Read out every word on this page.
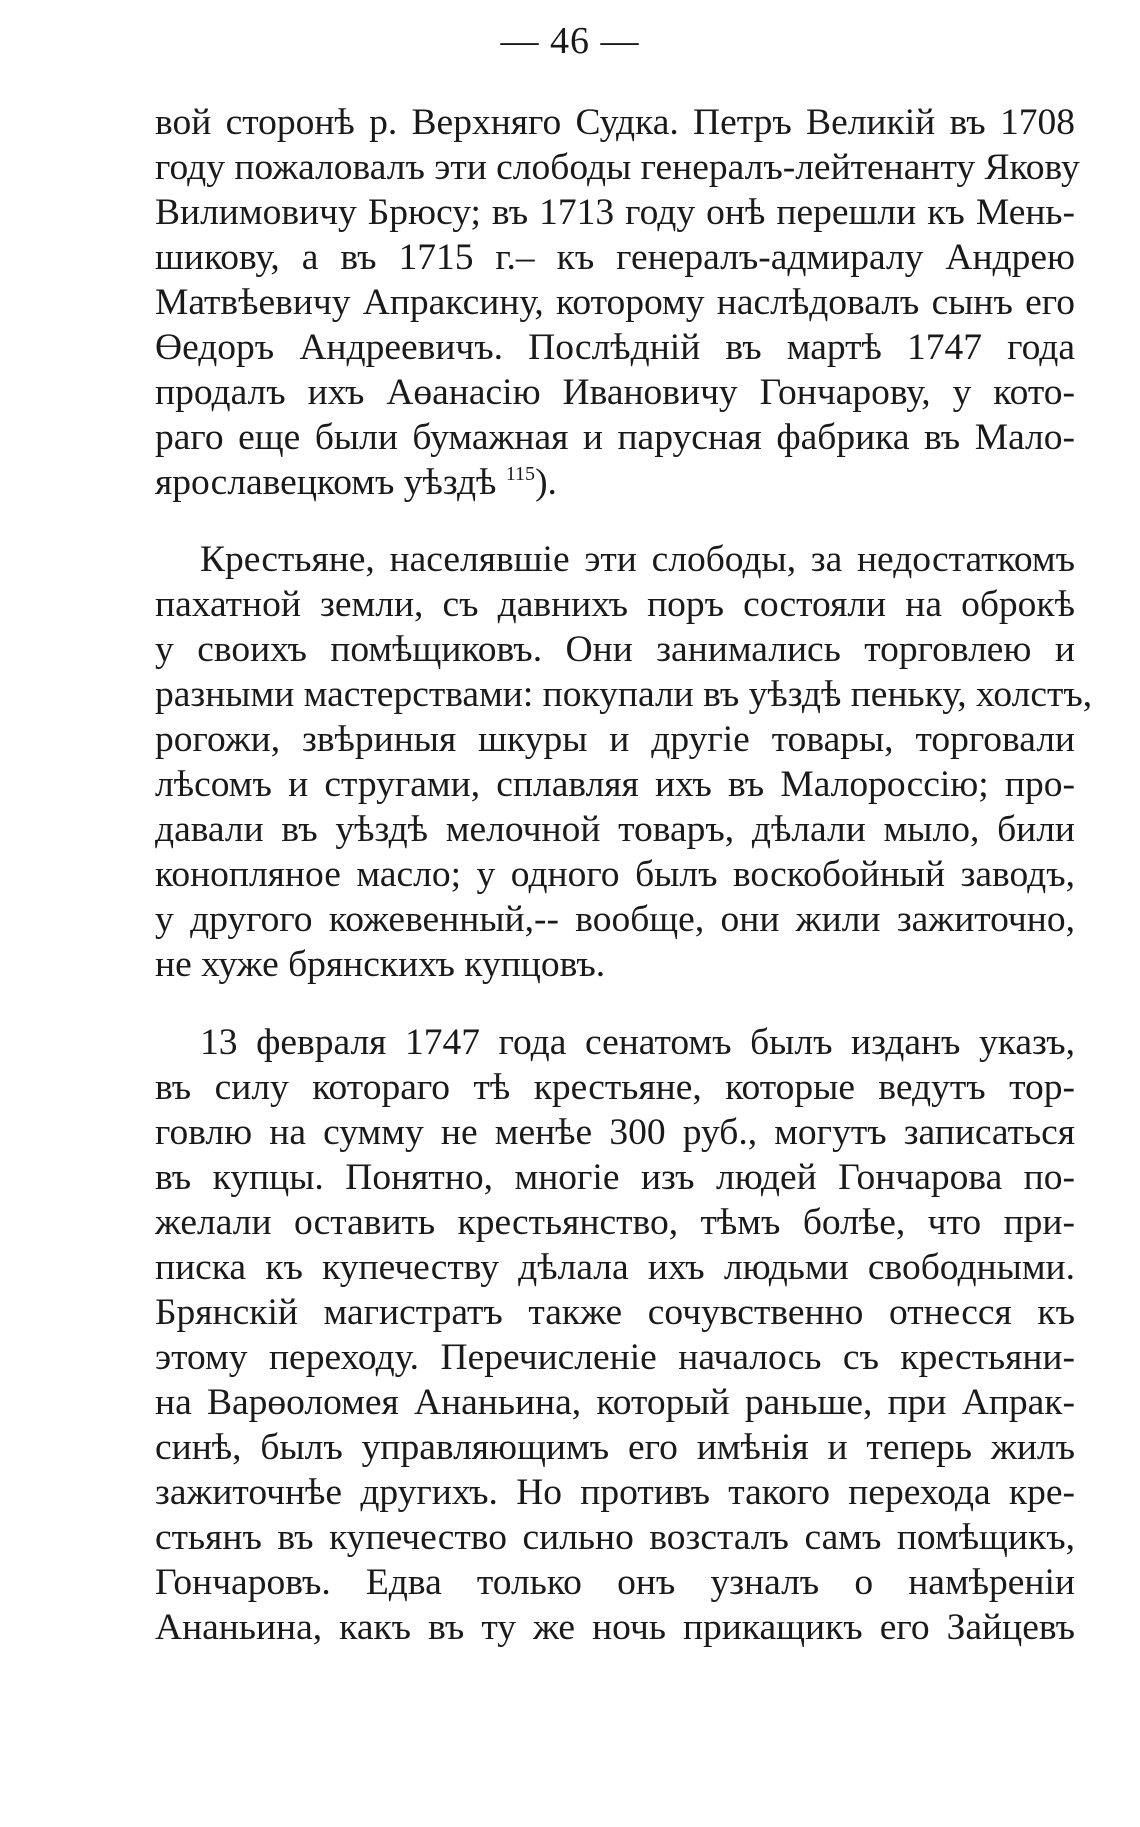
— 46 —
вой сторонѣ р. Верхняго Судка. Петръ Великій въ 1708
году пожаловалъ эти слободы генералъ-лейтенанту Якову
Вилимовичу Брюсу; въ 1713 году онѣ перешли къ Мень-
шикову, а въ 1715 г.– къ генералъ-адмиралу Андрею
Матвѣевичу Апраксину, которому наслѣдовалъ сынъ его
Өедоръ Андреевичъ. Послѣдній въ мартѣ 1747 года
продалъ ихъ Аөанасію Ивановичу Гончарову, у кото-
раго еще были бумажная и парусная фабрика въ Мало-
ярославецкомъ уѣздѣ $^{115}$).
Крестьяне, населявшіе эти слободы, за недостаткомъ
пахатной земли, съ давнихъ поръ состояли на оброкѣ
у своихъ помѣщиковъ. Они занимались торговлею и
разными мастерствами: покупали въ уѣздѣ пеньку, холстъ,
рогожи, звѣриныя шкуры и другіе товары, торговали
лѣсомъ и стругами, сплавляя ихъ въ Малороссію; про-
давали въ уѣздѣ мелочной товаръ, дѣлали мыло, били
конопляное масло; у одного былъ воскобойный заводъ,
у другого кожевенный,-- вообще, они жили зажиточно,
не хуже брянскихъ купцовъ.
13 февраля 1747 года сенатомъ былъ изданъ указъ,
въ силу котораго тѣ крестьяне, которые ведутъ тор-
говлю на сумму не менѣе 300 руб., могутъ записаться
въ купцы. Понятно, многіе изъ людей Гончарова по-
желали оставить крестьянство, тѣмъ болѣе, что при-
писка къ купечеству дѣлала ихъ людьми свободными.
Брянскій магистратъ также сочувственно отнесся къ
этому переходу. Перечисленіе началось съ крестьяни-
на Варөоломея Ананьина, который раньше, при Апрак-
синѣ, былъ управляющимъ его имѣнія и теперь жилъ
зажиточнѣе другихъ. Но противъ такого перехода кре-
стьянъ въ купечество сильно возсталъ самъ помѣщикъ,
Гончаровъ. Едва только онъ узналъ о намѣреніи
Ананьина, какъ въ ту же ночь прикащикъ его Зайцевъ
